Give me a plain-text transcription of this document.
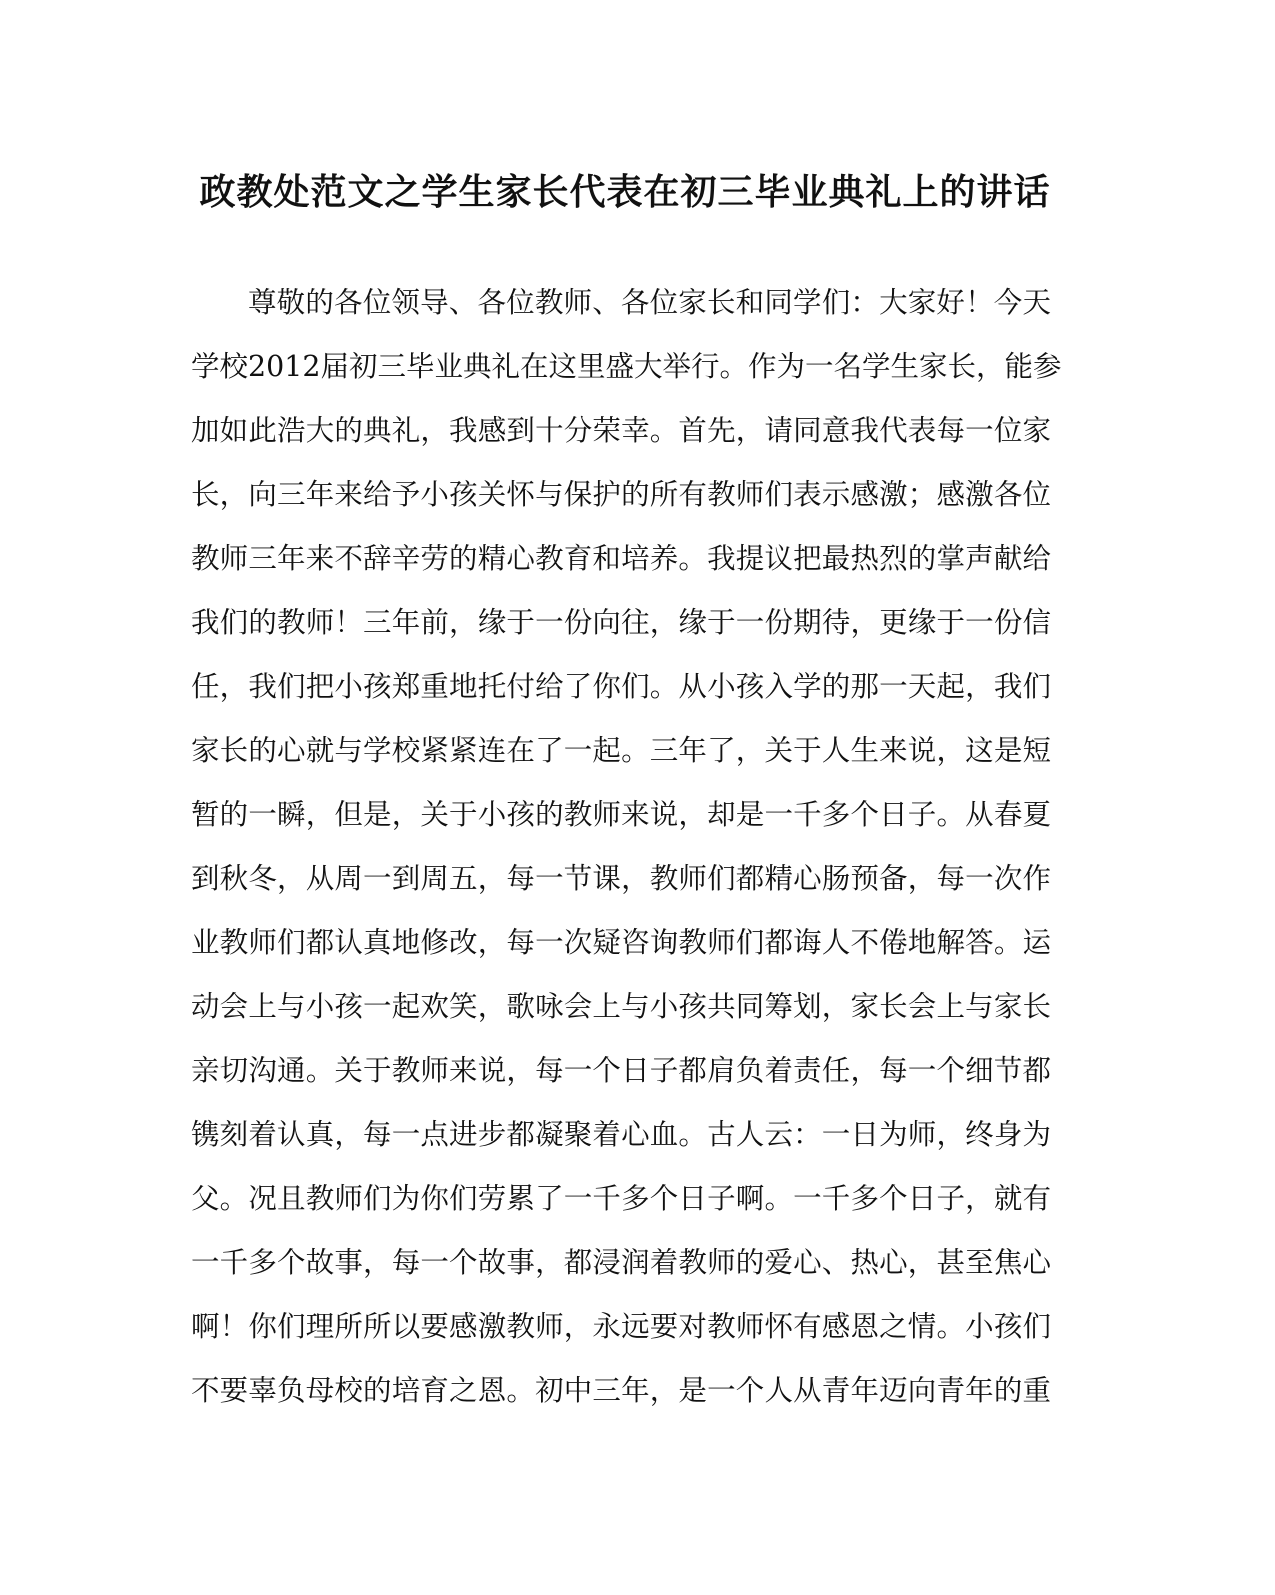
政教处范文之学生家长代表在初三毕业典礼上的讲话

尊敬的各位领导、各位教师、各位家长和同学们：大家好！今天

学校2012届初三毕业典礼在这里盛大举行。作为一名学生家长，能参

加如此浩大的典礼，我感到十分荣幸。首先，请同意我代表每一位家

长，向三年来给予小孩关怀与保护的所有教师们表示感激；感激各位

教师三年来不辞辛劳的精心教育和培养。我提议把最热烈的掌声献给

我们的教师！三年前，缘于一份向往，缘于一份期待，更缘于一份信

任，我们把小孩郑重地托付给了你们。从小孩入学的那一天起，我们

家长的心就与学校紧紧连在了一起。三年了，关于人生来说，这是短

暂的一瞬，但是，关于小孩的教师来说，却是一千多个日子。从春夏

到秋冬，从周一到周五，每一节课，教师们都精心肠预备，每一次作

业教师们都认真地修改，每一次疑咨询教师们都诲人不倦地解答。运

动会上与小孩一起欢笑，歌咏会上与小孩共同筹划，家长会上与家长

亲切沟通。关于教师来说，每一个日子都肩负着责任，每一个细节都

镌刻着认真，每一点进步都凝聚着心血。古人云：一日为师，终身为

父。况且教师们为你们劳累了一千多个日子啊。一千多个日子，就有

一千多个故事，每一个故事，都浸润着教师的爱心、热心，甚至焦心

啊！你们理所所以要感激教师，永远要对教师怀有感恩之情。小孩们

不要辜负母校的培育之恩。初中三年，是一个人从青年迈向青年的重
